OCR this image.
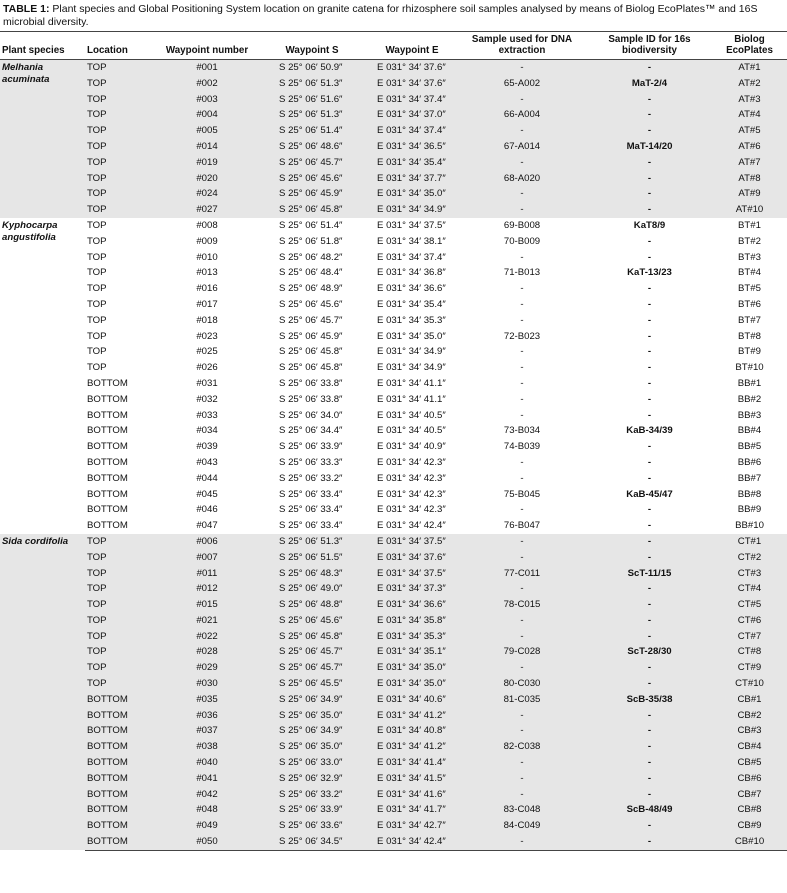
TABLE 1: Plant species and Global Positioning System location on granite catena for rhizosphere soil samples analysed by means of Biolog EcoPlates™ and 16S microbial diversity.
Plant species	Location	Waypoint number	Waypoint S	Waypoint E	Sample used for DNA extraction	Sample ID for 16s biodiversity	Biolog EcoPlates
Melhania acuminata	TOP	#001	S 25° 06′ 50.9″	E 031° 34′ 37.6″	-	-	AT#1
	TOP	#002	S 25° 06′ 51.3″	E 031° 34′ 37.6″	65-A002	MaT-2/4	AT#2
	TOP	#003	S 25° 06′ 51.6″	E 031° 34′ 37.4″	-	-	AT#3
	TOP	#004	S 25° 06′ 51.3″	E 031° 34′ 37.0″	66-A004	-	AT#4
	TOP	#005	S 25° 06′ 51.4″	E 031° 34′ 37.4″	-	-	AT#5
	TOP	#014	S 25° 06′ 48.6″	E 031° 34′ 36.5″	67-A014	MaT-14/20	AT#6
	TOP	#019	S 25° 06′ 45.7″	E 031° 34′ 35.4″	-	-	AT#7
	TOP	#020	S 25° 06′ 45.6″	E 031° 34′ 37.7″	68-A020	-	AT#8
	TOP	#024	S 25° 06′ 45.9″	E 031° 34′ 35.0″	-	-	AT#9
	TOP	#027	S 25° 06′ 45.8″	E 031° 34′ 34.9″	-	-	AT#10
Kyphocarpa angustifolia	TOP	#008	S 25° 06′ 51.4″	E 031° 34′ 37.5″	69-B008	KaT8/9	BT#1
	TOP	#009	S 25° 06′ 51.8″	E 031° 34′ 38.1″	70-B009	-	BT#2
	TOP	#010	S 25° 06′ 48.2″	E 031° 34′ 37.4″	-	-	BT#3
	TOP	#013	S 25° 06′ 48.4″	E 031° 34′ 36.8″	71-B013	KaT-13/23	BT#4
	TOP	#016	S 25° 06′ 48.9″	E 031° 34′ 36.6″	-	-	BT#5
	TOP	#017	S 25° 06′ 45.6″	E 031° 34′ 35.4″	-	-	BT#6
	TOP	#018	S 25° 06′ 45.7″	E 031° 34′ 35.3″	-	-	BT#7
	TOP	#023	S 25° 06′ 45.9″	E 031° 34′ 35.0″	72-B023	-	BT#8
	TOP	#025	S 25° 06′ 45.8″	E 031° 34′ 34.9″	-	-	BT#9
	TOP	#026	S 25° 06′ 45.8″	E 031° 34′ 34.9″	-	-	BT#10
	BOTTOM	#031	S 25° 06′ 33.8″	E 031° 34′ 41.1″	-	-	BB#1
	BOTTOM	#032	S 25° 06′ 33.8″	E 031° 34′ 41.1″	-	-	BB#2
	BOTTOM	#033	S 25° 06′ 34.0″	E 031° 34′ 40.5″	-	-	BB#3
	BOTTOM	#034	S 25° 06′ 34.4″	E 031° 34′ 40.5″	73-B034	KaB-34/39	BB#4
	BOTTOM	#039	S 25° 06′ 33.9″	E 031° 34′ 40.9″	74-B039	-	BB#5
	BOTTOM	#043	S 25° 06′ 33.3″	E 031° 34′ 42.3″	-	-	BB#6
	BOTTOM	#044	S 25° 06′ 33.2″	E 031° 34′ 42.3″	-	-	BB#7
	BOTTOM	#045	S 25° 06′ 33.4″	E 031° 34′ 42.3″	75-B045	KaB-45/47	BB#8
	BOTTOM	#046	S 25° 06′ 33.4″	E 031° 34′ 42.3″	-	-	BB#9
	BOTTOM	#047	S 25° 06′ 33.4″	E 031° 34′ 42.4″	76-B047	-	BB#10
Sida cordifolia	TOP	#006	S 25° 06′ 51.3″	E 031° 34′ 37.5″	-	-	CT#1
	TOP	#007	S 25° 06′ 51.5″	E 031° 34′ 37.6″	-	-	CT#2
	TOP	#011	S 25° 06′ 48.3″	E 031° 34′ 37.5″	77-C011	ScT-11/15	CT#3
	TOP	#012	S 25° 06′ 49.0″	E 031° 34′ 37.3″	-	-	CT#4
	TOP	#015	S 25° 06′ 48.8″	E 031° 34′ 36.6″	78-C015	-	CT#5
	TOP	#021	S 25° 06′ 45.6″	E 031° 34′ 35.8″	-	-	CT#6
	TOP	#022	S 25° 06′ 45.8″	E 031° 34′ 35.3″	-	-	CT#7
	TOP	#028	S 25° 06′ 45.7″	E 031° 34′ 35.1″	79-C028	ScT-28/30	CT#8
	TOP	#029	S 25° 06′ 45.7″	E 031° 34′ 35.0″	-	-	CT#9
	TOP	#030	S 25° 06′ 45.5″	E 031° 34′ 35.0″	80-C030	-	CT#10
	BOTTOM	#035	S 25° 06′ 34.9″	E 031° 34′ 40.6″	81-C035	ScB-35/38	CB#1
	BOTTOM	#036	S 25° 06′ 35.0″	E 031° 34′ 41.2″	-	-	CB#2
	BOTTOM	#037	S 25° 06′ 34.9″	E 031° 34′ 40.8″	-	-	CB#3
	BOTTOM	#038	S 25° 06′ 35.0″	E 031° 34′ 41.2″	82-C038	-	CB#4
	BOTTOM	#040	S 25° 06′ 33.0″	E 031° 34′ 41.4″	-	-	CB#5
	BOTTOM	#041	S 25° 06′ 32.9″	E 031° 34′ 41.5″	-	-	CB#6
	BOTTOM	#042	S 25° 06′ 33.2″	E 031° 34′ 41.6″	-	-	CB#7
	BOTTOM	#048	S 25° 06′ 33.9″	E 031° 34′ 41.7″	83-C048	ScB-48/49	CB#8
	BOTTOM	#049	S 25° 06′ 33.6″	E 031° 34′ 42.7″	84-C049	-	CB#9
	BOTTOM	#050	S 25° 06′ 34.5″	E 031° 34′ 42.4″	-	-	CB#10
